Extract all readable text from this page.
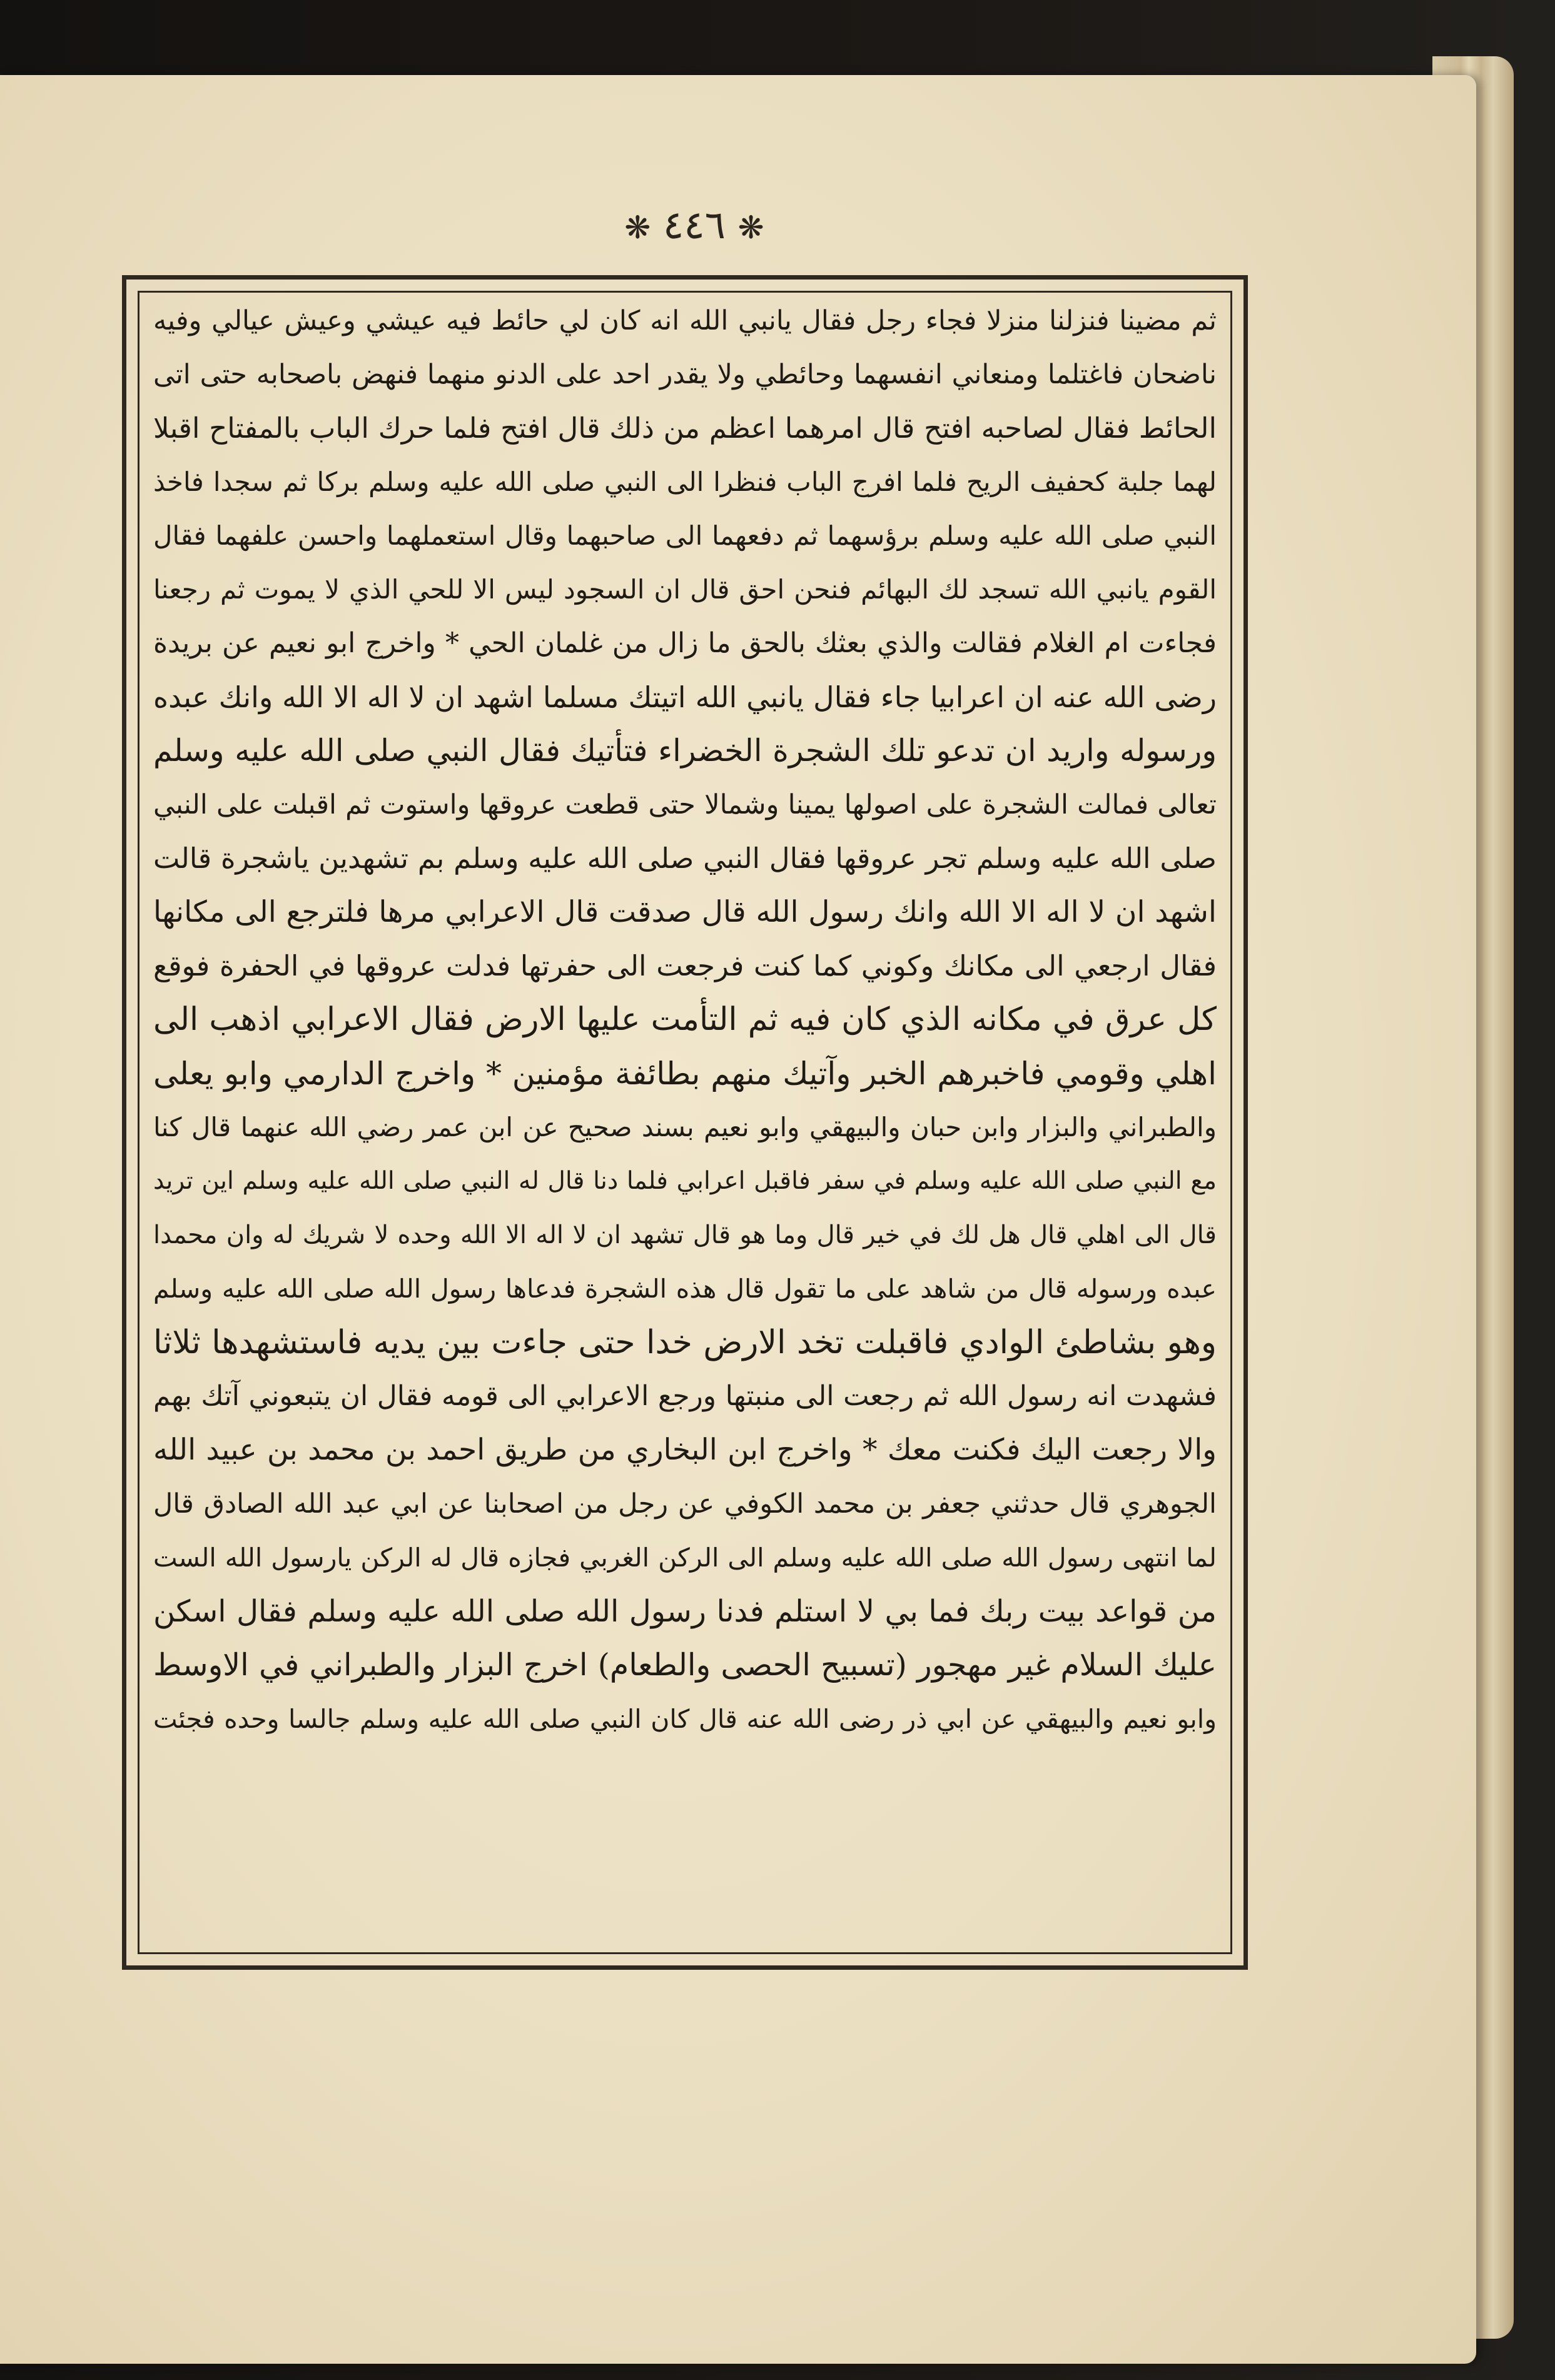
❋ ٤٤٦ ❋
ثم مضينا فنزلنا منزلا فجاء رجل فقال يانبي الله انه كان لي حائط فيه عيشي وعيش عيالي وفيه
ناضحان فاغتلما ومنعاني انفسهما وحائطي ولا يقدر احد على الدنو منهما فنهض باصحابه حتى اتى
الحائط فقال لصاحبه افتح قال امرهما اعظم من ذلك قال افتح فلما حرك الباب بالمفتاح اقبلا
لهما جلبة كحفيف الريح فلما افرج الباب فنظرا الى النبي صلى الله عليه وسلم بركا ثم سجدا فاخذ
النبي صلى الله عليه وسلم برؤسهما ثم دفعهما الى صاحبهما وقال استعملهما واحسن علفهما فقال
القوم يانبي الله تسجد لك البهائم فنحن احق قال ان السجود ليس الا للحي الذي لا يموت ثم رجعنا
فجاءت ام الغلام فقالت والذي بعثك بالحق ما زال من غلمان الحي * واخرج ابو نعيم عن بريدة
رضى الله عنه ان اعرابيا جاء فقال يانبي الله اتيتك مسلما اشهد ان لا اله الا الله وانك عبده
ورسوله واريد ان تدعو تلك الشجرة الخضراء فتأتيك فقال النبي صلى الله عليه وسلم
تعالى فمالت الشجرة على اصولها يمينا وشمالا حتى قطعت عروقها واستوت ثم اقبلت على النبي
صلى الله عليه وسلم تجر عروقها فقال النبي صلى الله عليه وسلم بم تشهدين ياشجرة قالت
اشهد ان لا اله الا الله وانك رسول الله قال صدقت قال الاعرابي مرها فلترجع الى مكانها
فقال ارجعي الى مكانك وكوني كما كنت فرجعت الى حفرتها فدلت عروقها في الحفرة فوقع
كل عرق في مكانه الذي كان فيه ثم التأمت عليها الارض فقال الاعرابي اذهب الى
اهلي وقومي فاخبرهم الخبر وآتيك منهم بطائفة مؤمنين * واخرج الدارمي وابو يعلى
والطبراني والبزار وابن حبان والبيهقي وابو نعيم بسند صحيح عن ابن عمر رضي الله عنهما قال كنا
مع النبي صلى الله عليه وسلم في سفر فاقبل اعرابي فلما دنا قال له النبي صلى الله عليه وسلم اين تريد
قال الى اهلي قال هل لك في خير قال وما هو قال تشهد ان لا اله الا الله وحده لا شريك له وان محمدا
عبده ورسوله قال من شاهد على ما تقول قال هذه الشجرة فدعاها رسول الله صلى الله عليه وسلم
وهو بشاطئ الوادي فاقبلت تخد الارض خدا حتى جاءت بين يديه فاستشهدها ثلاثا
فشهدت انه رسول الله ثم رجعت الى منبتها ورجع الاعرابي الى قومه فقال ان يتبعوني آتك بهم
والا رجعت اليك فكنت معك * واخرج ابن البخاري من طريق احمد بن محمد بن عبيد الله
الجوهري قال حدثني جعفر بن محمد الكوفي عن رجل من اصحابنا عن ابي عبد الله الصادق قال
لما انتهى رسول الله صلى الله عليه وسلم الى الركن الغربي فجازه قال له الركن يارسول الله الست
من قواعد بيت ربك فما بي لا استلم فدنا رسول الله صلى الله عليه وسلم فقال اسكن
عليك السلام غير مهجور (تسبيح الحصى والطعام) اخرج البزار والطبراني في الاوسط
وابو نعيم والبيهقي عن ابي ذر رضى الله عنه قال كان النبي صلى الله عليه وسلم جالسا وحده فجئت
